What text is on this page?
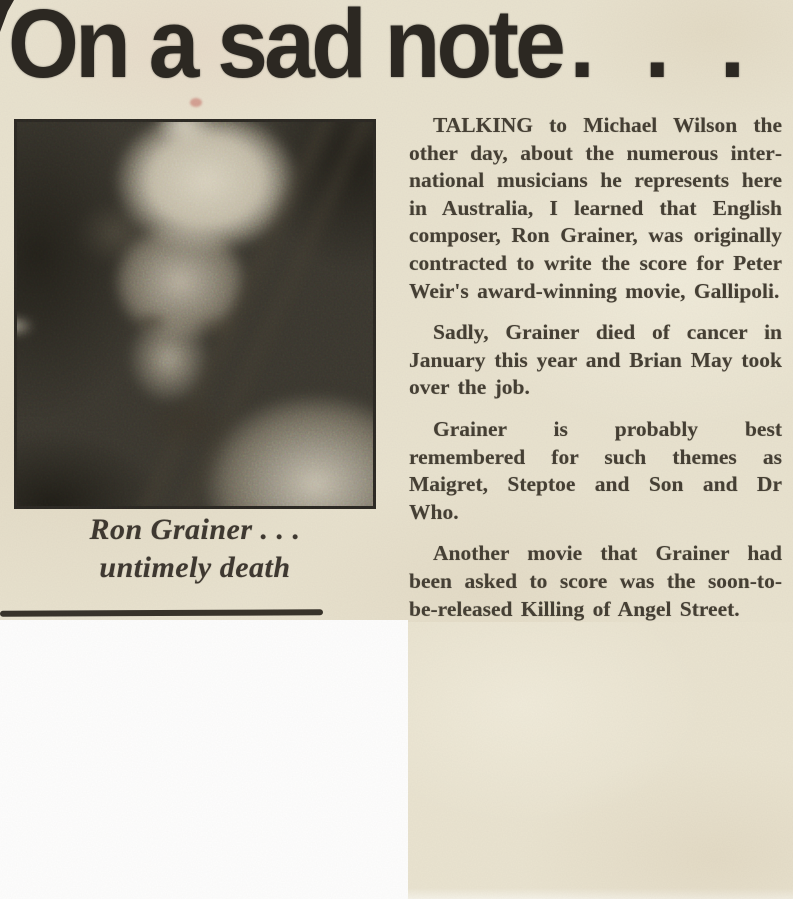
On a sad note. . .
Ron Grainer . . .
untimely death

TALKING to Michael Wilson the other day, about the numerous international musicians he represents here in Australia, I learned that English composer, Ron Grainer, was originally contracted to write the score for Peter Weir's award-winning movie, Gallipoli.

Sadly, Grainer died of cancer in January this year and Brian May took over the job.

Grainer is probably best remembered for such themes as Maigret, Steptoe and Son and Dr Who.

Another movie that Grainer had been asked to score was the soon-to-be-released Killing of Angel Street.
